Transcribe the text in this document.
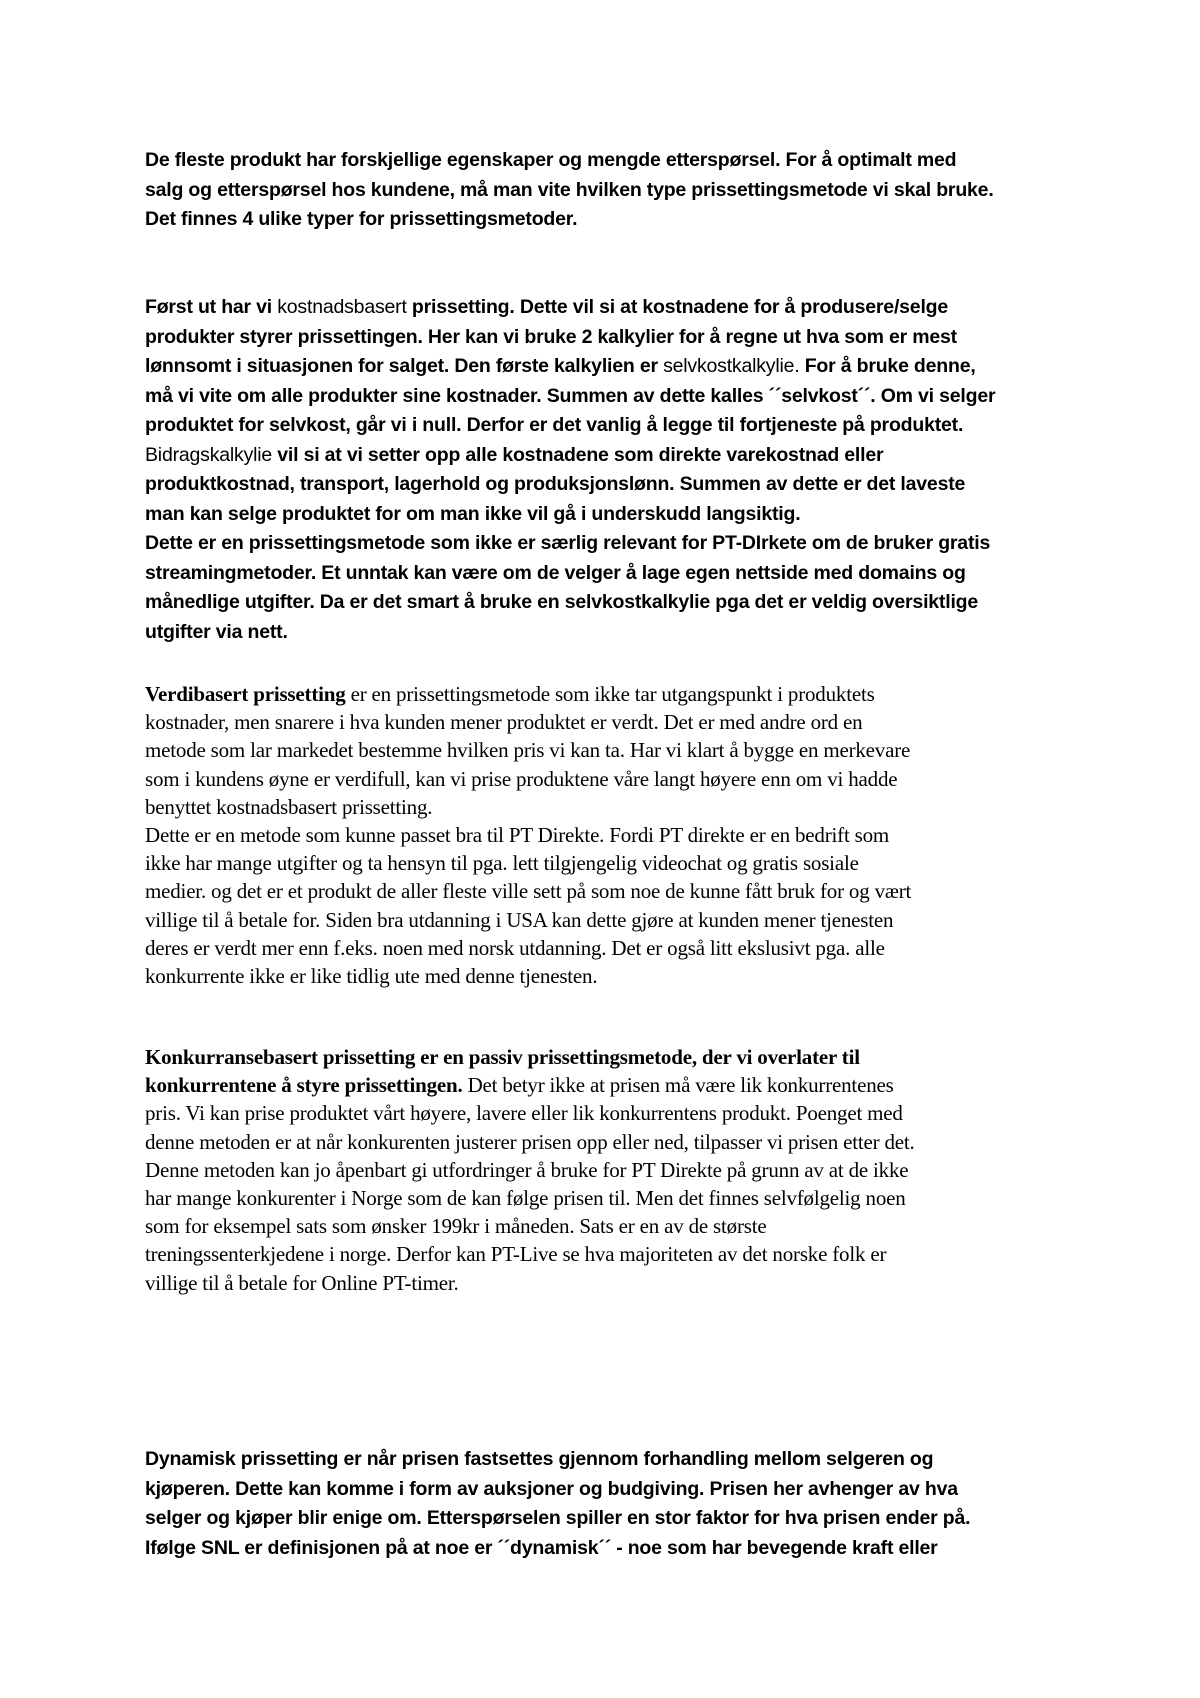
De fleste produkt har forskjellige egenskaper og mengde etterspørsel. For å optimalt med
salg og etterspørsel hos kundene, må man vite hvilken type prissettingsmetode vi skal bruke.
Det finnes 4 ulike typer for prissettingsmetoder.

Først ut har vi kostnadsbasert prissetting. Dette vil si at kostnadene for å produsere/selge
produkter styrer prissettingen. Her kan vi bruke 2 kalkylier for å regne ut hva som er mest
lønnsomt i situasjonen for salget. Den første kalkylien er selvkostkalkylie. For å bruke denne,
må vi vite om alle produkter sine kostnader. Summen av dette kalles ´´selvkost´´. Om vi selger
produktet for selvkost, går vi i null. Derfor er det vanlig å legge til fortjeneste på produktet.
Bidragskalkylie vil si at vi setter opp alle kostnadene som direkte varekostnad eller
produktkostnad, transport, lagerhold og produksjonslønn. Summen av dette er det laveste
man kan selge produktet for om man ikke vil gå i underskudd langsiktig.
Dette er en prissettingsmetode som ikke er særlig relevant for PT-DIrkete om de bruker gratis
streamingmetoder. Et unntak kan være om de velger å lage egen nettside med domains og
månedlige utgifter. Da er det smart å bruke en selvkostkalkylie pga det er veldig oversiktlige
utgifter via nett.

Verdibasert prissetting er en prissettingsmetode som ikke tar utgangspunkt i produktets
kostnader, men snarere i hva kunden mener produktet er verdt. Det er med andre ord en
metode som lar markedet bestemme hvilken pris vi kan ta. Har vi klart å bygge en merkevare
som i kundens øyne er verdifull, kan vi prise produktene våre langt høyere enn om vi hadde
benyttet kostnadsbasert prissetting.
Dette er en metode som kunne passet bra til PT Direkte. Fordi PT direkte er en bedrift som
ikke har mange utgifter og ta hensyn til pga. lett tilgjengelig videochat og gratis sosiale
medier. og det er et produkt de aller fleste ville sett på som noe de kunne fått bruk for og vært
villige til å betale for. Siden bra utdanning i USA kan dette gjøre at kunden mener tjenesten
deres er verdt mer enn f.eks. noen med norsk utdanning. Det er også litt ekslusivt pga. alle
konkurrente ikke er like tidlig ute med denne tjenesten.

Konkurransebasert prissetting er en passiv prissettingsmetode, der vi overlater til
konkurrentene å styre prissettingen. Det betyr ikke at prisen må være lik konkurrentenes
pris. Vi kan prise produktet vårt høyere, lavere eller lik konkurrentens produkt. Poenget med
denne metoden er at når konkurenten justerer prisen opp eller ned, tilpasser vi prisen etter det.
Denne metoden kan jo åpenbart gi utfordringer å bruke for PT Direkte på grunn av at de ikke
har mange konkurenter i Norge som de kan følge prisen til. Men det finnes selvfølgelig noen
som for eksempel sats som ønsker 199kr i måneden. Sats er en av de største
treningssenterkjedene i norge. Derfor kan PT-Live se hva majoriteten av det norske folk er
villige til å betale for Online PT-timer.

Dynamisk prissetting er når prisen fastsettes gjennom forhandling mellom selgeren og
kjøperen. Dette kan komme i form av auksjoner og budgiving. Prisen her avhenger av hva
selger og kjøper blir enige om. Etterspørselen spiller en stor faktor for hva prisen ender på.
Ifølge SNL er definisjonen på at noe er ´´dynamisk´´ - noe som har bevegende kraft eller
